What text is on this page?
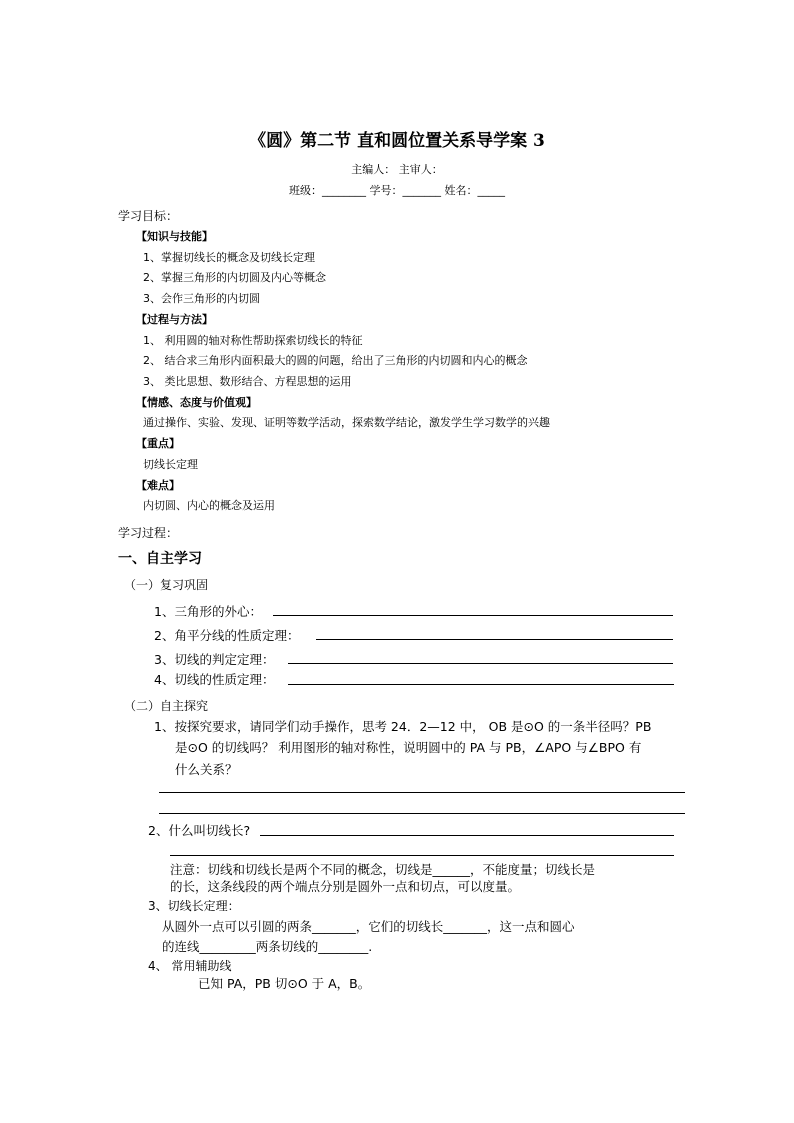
《圆》第二节 直和圆位置关系导学案 3
主编人： 主审人：
班级：________ 学号：_______ 姓名：_____
学习目标：
【知识与技能】
1、掌握切线长的概念及切线长定理
2、掌握三角形的内切圆及内心等概念
3、会作三角形的内切圆
【过程与方法】
1、 利用圆的轴对称性帮助探索切线长的特征
2、 结合求三角形内面积最大的圆的问题，给出了三角形的内切圆和内心的概念
3、 类比思想、数形结合、方程思想的运用
【情感、态度与价值观】
通过操作、实验、发现、证明等数学活动，探索数学结论，激发学生学习数学的兴趣
【重点】
切线长定理
【难点】
内切圆、内心的概念及运用
学习过程：
一、自主学习
（一）复习巩固
1、三角形的外心：
2、角平分线的性质定理：
3、切线的判定定理：
4、切线的性质定理：
（二）自主探究
1、按探究要求，请同学们动手操作，思考 24．2—12 中， OB 是⊙O 的一条半径吗？PB
是⊙O 的切线吗？ 利用图形的轴对称性，说明圆中的 PA 与 PB，∠APO 与∠BPO 有
什么关系？
2、什么叫切线长?
注意：切线和切线长是两个不同的概念，切线是______，不能度量；切线长是
的长，这条线段的两个端点分别是圆外一点和切点，可以度量。
3、切线长定理：
从圆外一点可以引圆的两条_______，它们的切线长_______，这一点和圆心
的连线_________两条切线的________.
4、 常用辅助线
已知 PA，PB 切⊙O 于 A，B。
